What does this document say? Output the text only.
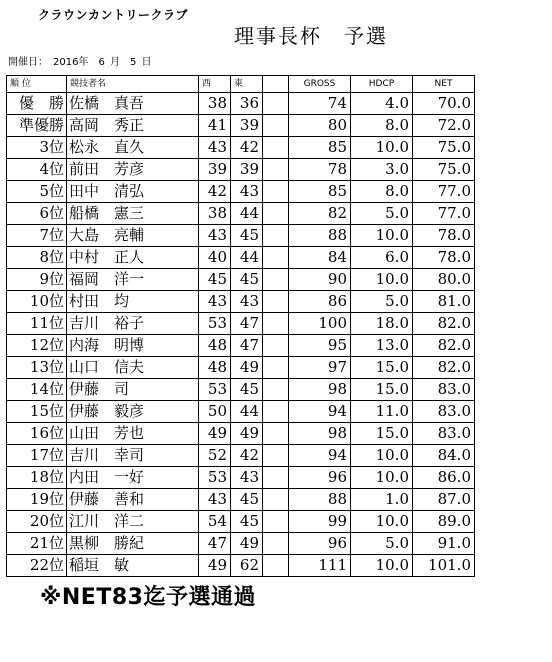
クラウンカントリークラブ
理事長杯　予選
開催日：　2016年　6 月　5 日
順 位	競技者名	西	東		GROSS	HDCP	NET
優　勝	佐橋　真吾	38	36		74	4.0	70.0
準優勝	高岡　秀正	41	39		80	8.0	72.0
3位	松永　直久	43	42		85	10.0	75.0
4位	前田　芳彦	39	39		78	3.0	75.0
5位	田中　清弘	42	43		85	8.0	77.0
6位	船橋　憲三	38	44		82	5.0	77.0
7位	大島　亮輔	43	45		88	10.0	78.0
8位	中村　正人	40	44		84	6.0	78.0
9位	福岡　洋一	45	45		90	10.0	80.0
10位	村田　均	43	43		86	5.0	81.0
11位	吉川　裕子	53	47		100	18.0	82.0
12位	内海　明博	48	47		95	13.0	82.0
13位	山口　信夫	48	49		97	15.0	82.0
14位	伊藤　司	53	45		98	15.0	83.0
15位	伊藤　毅彦	50	44		94	11.0	83.0
16位	山田　芳也	49	49		98	15.0	83.0
17位	吉川　幸司	52	42		94	10.0	84.0
18位	内田　一好	53	43		96	10.0	86.0
19位	伊藤　善和	43	45		88	1.0	87.0
20位	江川　洋二	54	45		99	10.0	89.0
21位	黒柳　勝紀	47	49		96	5.0	91.0
22位	稲垣　敏	49	62		111	10.0	101.0
※NET83迄予選通過
